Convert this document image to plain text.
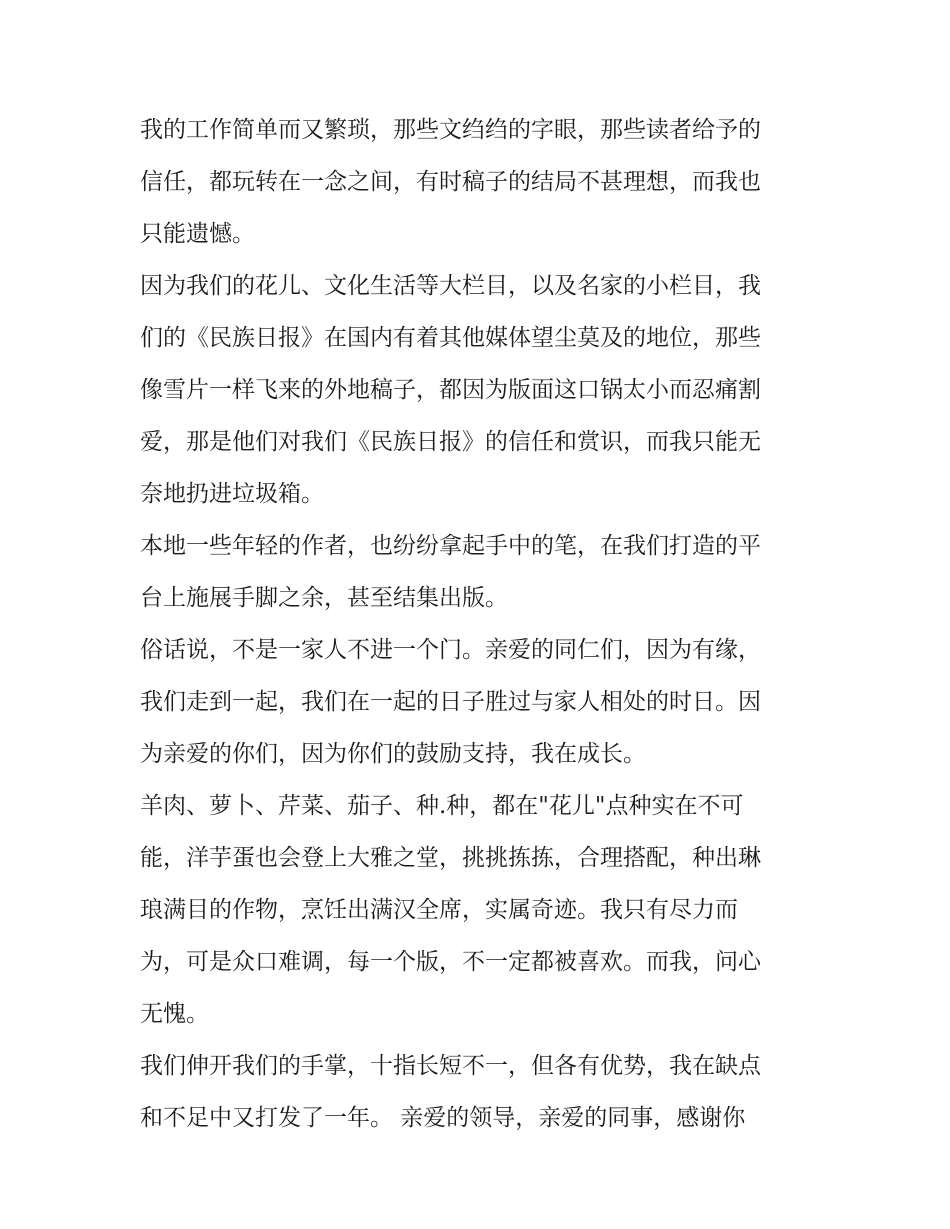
我的工作简单而又繁琐，那些文绉绉的字眼，那些读者给予的
信任，都玩转在一念之间，有时稿子的结局不甚理想，而我也
只能遗憾。
因为我们的花儿、文化生活等大栏目，以及名家的小栏目，我
们的《民族日报》在国内有着其他媒体望尘莫及的地位，那些
像雪片一样飞来的外地稿子，都因为版面这口锅太小而忍痛割
爱，那是他们对我们《民族日报》的信任和赏识，而我只能无
奈地扔进垃圾箱。
本地一些年轻的作者，也纷纷拿起手中的笔，在我们打造的平
台上施展手脚之余，甚至结集出版。
俗话说，不是一家人不进一个门。亲爱的同仁们，因为有缘，
我们走到一起，我们在一起的日子胜过与家人相处的时日。因
为亲爱的你们，因为你们的鼓励支持，我在成长。
羊肉、萝卜、芹菜、茄子、种.种，都在"花儿"点种实在不可
能，洋芋蛋也会登上大雅之堂，挑挑拣拣，合理搭配，种出琳
琅满目的作物，烹饪出满汉全席，实属奇迹。我只有尽力而
为，可是众口难调，每一个版，不一定都被喜欢。而我，问心
无愧。
我们伸开我们的手掌，十指长短不一，但各有优势，我在缺点
和不足中又打发了一年。 亲爱的领导，亲爱的同事，感谢你
